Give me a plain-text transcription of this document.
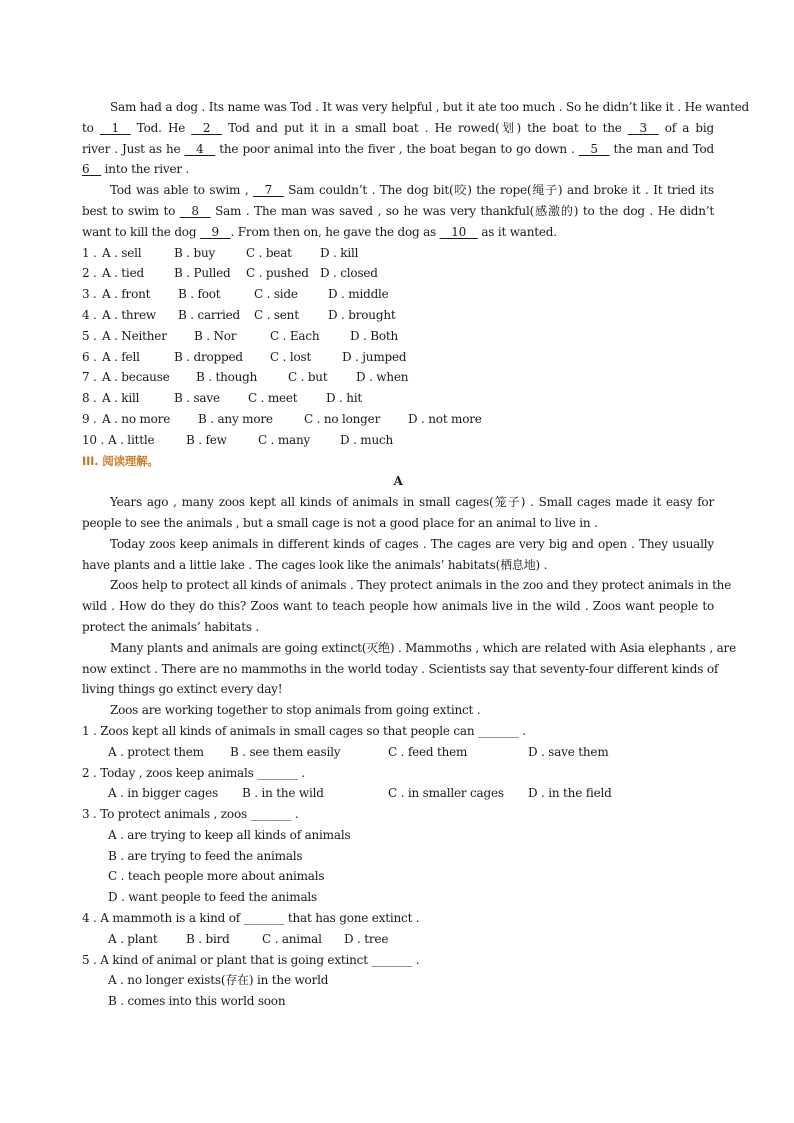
Sam had a dog . Its name was Tod . It was very helpful , but it ate too much . So he didn’t like it . He wanted
to __1__ Tod. He __2__ Tod and put it in a small boat . He rowed(划) the boat to the __3__ of a big
river . Just as he __4__ the poor animal into the fiver , the boat began to go down . __5__ the man and Tod
6__ into the river .
Tod was able to swim , __7__ Sam couldn’t . The dog bit(咬) the rope(绳子) and broke it . It tried its
best to swim to __8__ Sam . The man was saved , so he was very thankful(感激的) to the dog . He didn’t
want to kill the dog __9__. From then on, he gave the dog as __10__ as it wanted.
1 . A . sell	B . buy	C . beat D . kill
2 . A . tied	B . Pulled C . pushed D . closed
3 . A . front B . foot	C . side	D . middle
4 . A . threw B . carried C . sent D . brought
5 . A . Neither B . Nor	C . Each	D . Both
6 . A . fell	B . dropped C . lost	D . jumped
7 . A . because B . though	C . but D . when
8 . A . kill	B . save C . meet D . hit
9 . A . no more B . any more	C . no longer D . not more
10 . A . little	B . few	C . many D . much
III. 阅读理解。
A
Years ago , many zoos kept all kinds of animals in small cages(笼子) . Small cages made it easy for
people to see the animals , but a small cage is not a good place for an animal to live in .
Today zoos keep animals in different kinds of cages . The cages are very big and open . They usually
have plants and a little lake . The cages look like the animals’ habitats(栖息地) .
Zoos help to protect all kinds of animals . They protect animals in the zoo and they protect animals in the
wild . How do they do this? Zoos want to teach people how animals live in the wild . Zoos want people to
protect the animals’ habitats .
Many plants and animals are going extinct(灭绝) . Mammoths , which are related with Asia elephants , are
now extinct . There are no mammoths in the world today . Scientists say that seventy-four different kinds of
living things go extinct every day!
Zoos are working together to stop animals from going extinct .
1 . Zoos kept all kinds of animals in small cages so that people can _______ .
A . protect them B . see them easily	C . feed them	D . save them
2 . Today , zoos keep animals _______ .
A . in bigger cages B . in the wild	C . in smaller cages D . in the field
3 . To protect animals , zoos _______ .
A . are trying to keep all kinds of animals
B . are trying to feed the animals
C . teach people more about animals
D . want people to feed the animals
4 . A mammoth is a kind of _______ that has gone extinct .
A . plant B . bird	C . animal D . tree
5 . A kind of animal or plant that is going extinct _______ .
A . no longer exists(存在) in the world
B . comes into this world soon
